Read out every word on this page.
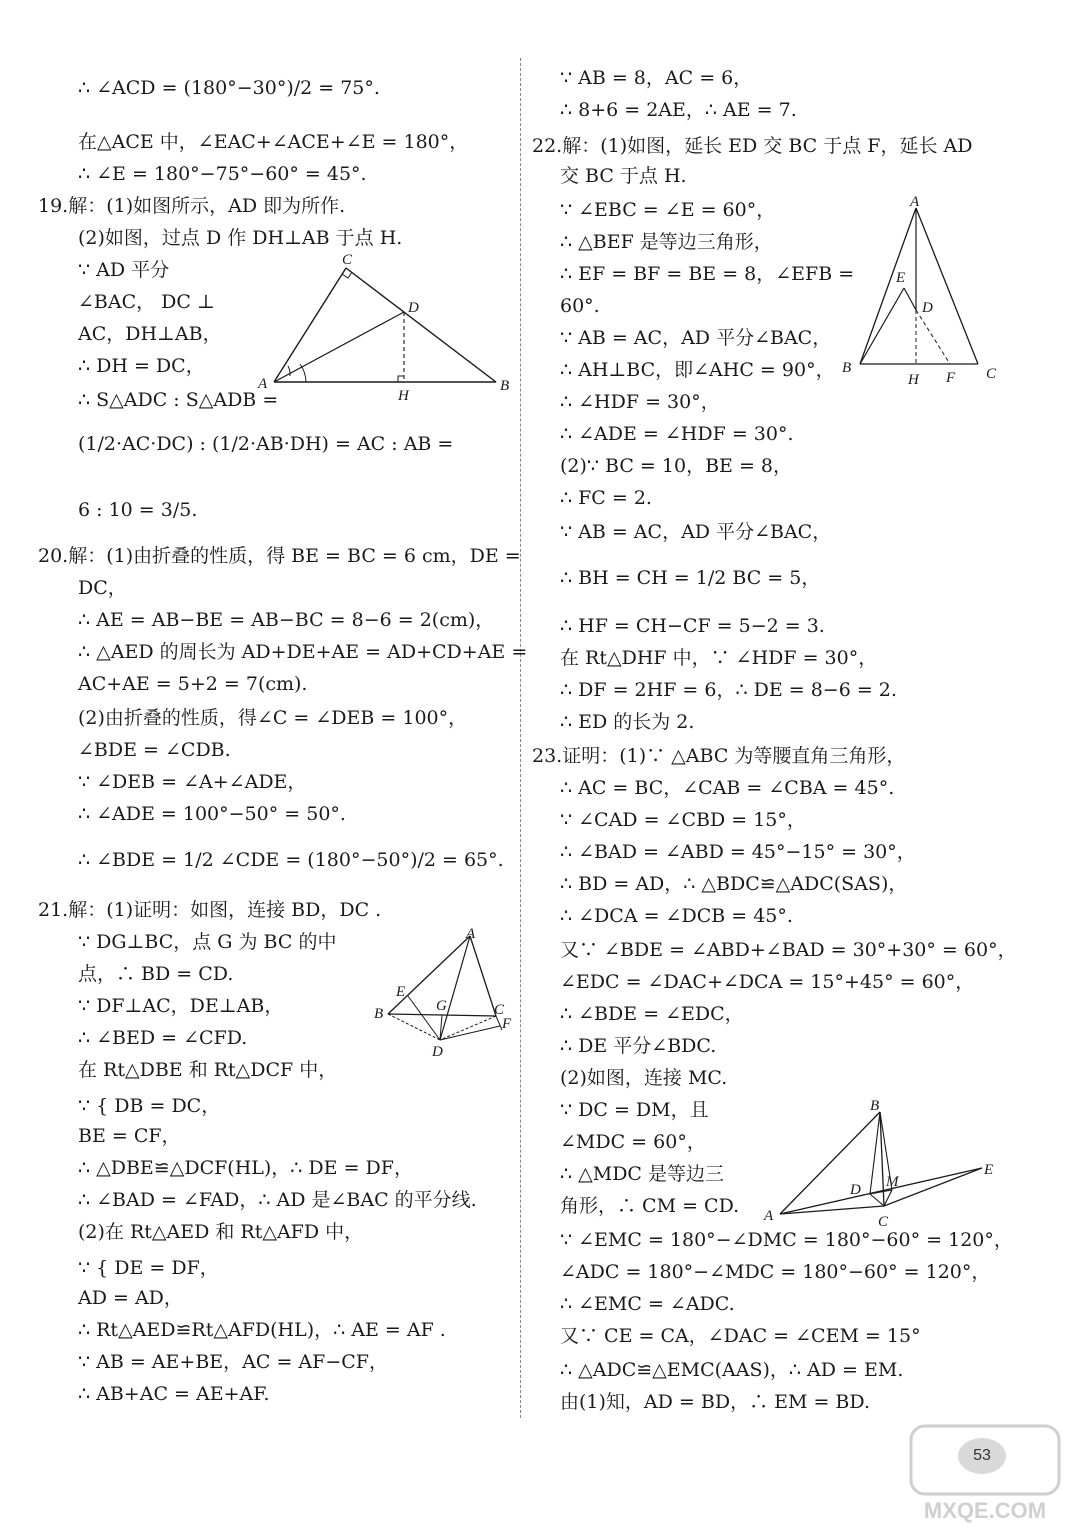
∴ ∠ACD = (180°−30°)/2 = 75°.
在△ACE 中，∠EAC+∠ACE+∠E = 180°，
∴ ∠E = 180°−75°−60° = 45°.
19.解：(1)如图所示，AD 即为所作.
(2)如图，过点 D 作 DH⊥AB 于点 H.
∵ AD 平分
∠BAC， DC ⊥
AC，DH⊥AB，
∴ DH = DC，
∴ S△ADC : S△ADB =
(1/2·AC·DC) : (1/2·AB·DH) = AC : AB =
6 : 10 = 3/5.
20.解：(1)由折叠的性质，得 BE = BC = 6 cm，DE =
DC，
∴ AE = AB−BE = AB−BC = 8−6 = 2(cm)，
∴ △AED 的周长为 AD+DE+AE = AD+CD+AE =
AC+AE = 5+2 = 7(cm).
(2)由折叠的性质，得∠C = ∠DEB = 100°，
∠BDE = ∠CDB.
∵ ∠DEB = ∠A+∠ADE，
∴ ∠ADE = 100°−50° = 50°.
∴ ∠BDE = 1/2 ∠CDE = (180°−50°)/2 = 65°.
21.解：(1)证明：如图，连接 BD，DC .
∵ DG⊥BC，点 G 为 BC 的中
点，∴ BD = CD.
∵ DF⊥AC，DE⊥AB，
∴ ∠BED = ∠CFD.
在 Rt△DBE 和 Rt△DCF 中，
∵ { DB = DC，
BE = CF，
∴ △DBE≌△DCF(HL)，∴ DE = DF，
∴ ∠BAD = ∠FAD，∴ AD 是∠BAC 的平分线.
(2)在 Rt△AED 和 Rt△AFD 中，
∵ { DE = DF，
AD = AD，
∴ Rt△AED≌Rt△AFD(HL)，∴ AE = AF .
∵ AB = AE+BE，AC = AF−CF，
∴ AB+AC = AE+AF.
∵ AB = 8，AC = 6，
∴ 8+6 = 2AE，∴ AE = 7.
22.解：(1)如图，延长 ED 交 BC 于点 F，延长 AD
交 BC 于点 H.
∵ ∠EBC = ∠E = 60°，
∴ △BEF 是等边三角形，
∴ EF = BF = BE = 8，∠EFB =
60°.
∵ AB = AC，AD 平分∠BAC，
∴ AH⊥BC，即∠AHC = 90°，
∴ ∠HDF = 30°，
∴ ∠ADE = ∠HDF = 30°.
(2)∵ BC = 10，BE = 8，
∴ FC = 2.
∵ AB = AC，AD 平分∠BAC，
∴ BH = CH = 1/2 BC = 5，
∴ HF = CH−CF = 5−2 = 3.
在 Rt△DHF 中，∵ ∠HDF = 30°，
∴ DF = 2HF = 6，∴ DE = 8−6 = 2.
∴ ED 的长为 2.
23.证明：(1)∵ △ABC 为等腰直角三角形，
∴ AC = BC，∠CAB = ∠CBA = 45°.
∵ ∠CAD = ∠CBD = 15°，
∴ ∠BAD = ∠ABD = 45°−15° = 30°，
∴ BD = AD，∴ △BDC≌△ADC(SAS)，
∴ ∠DCA = ∠DCB = 45°.
又∵ ∠BDE = ∠ABD+∠BAD = 30°+30° = 60°，
∠EDC = ∠DAC+∠DCA = 15°+45° = 60°，
∴ ∠BDE = ∠EDC，
∴ DE 平分∠BDC.
(2)如图，连接 MC.
∵ DC = DM，且
∠MDC = 60°，
∴ △MDC 是等边三
角形，∴ CM = CD.
∵ ∠EMC = 180°−∠DMC = 180°−60° = 120°，
∠ADC = 180°−∠MDC = 180°−60° = 120°，
∴ ∠EMC = ∠ADC.
又∵ CE = CA，∠DAC = ∠CEM = 15°
∴ △ADC≌△EMC(AAS)，∴ AD = EM.
由(1)知，AD = BD，∴ EM = BD.
C
D
A
H
B
A
E
G	C
B
F
D
A
E
D
B
H F C
B
M
E
D
A	C
MXQE.COM
53
